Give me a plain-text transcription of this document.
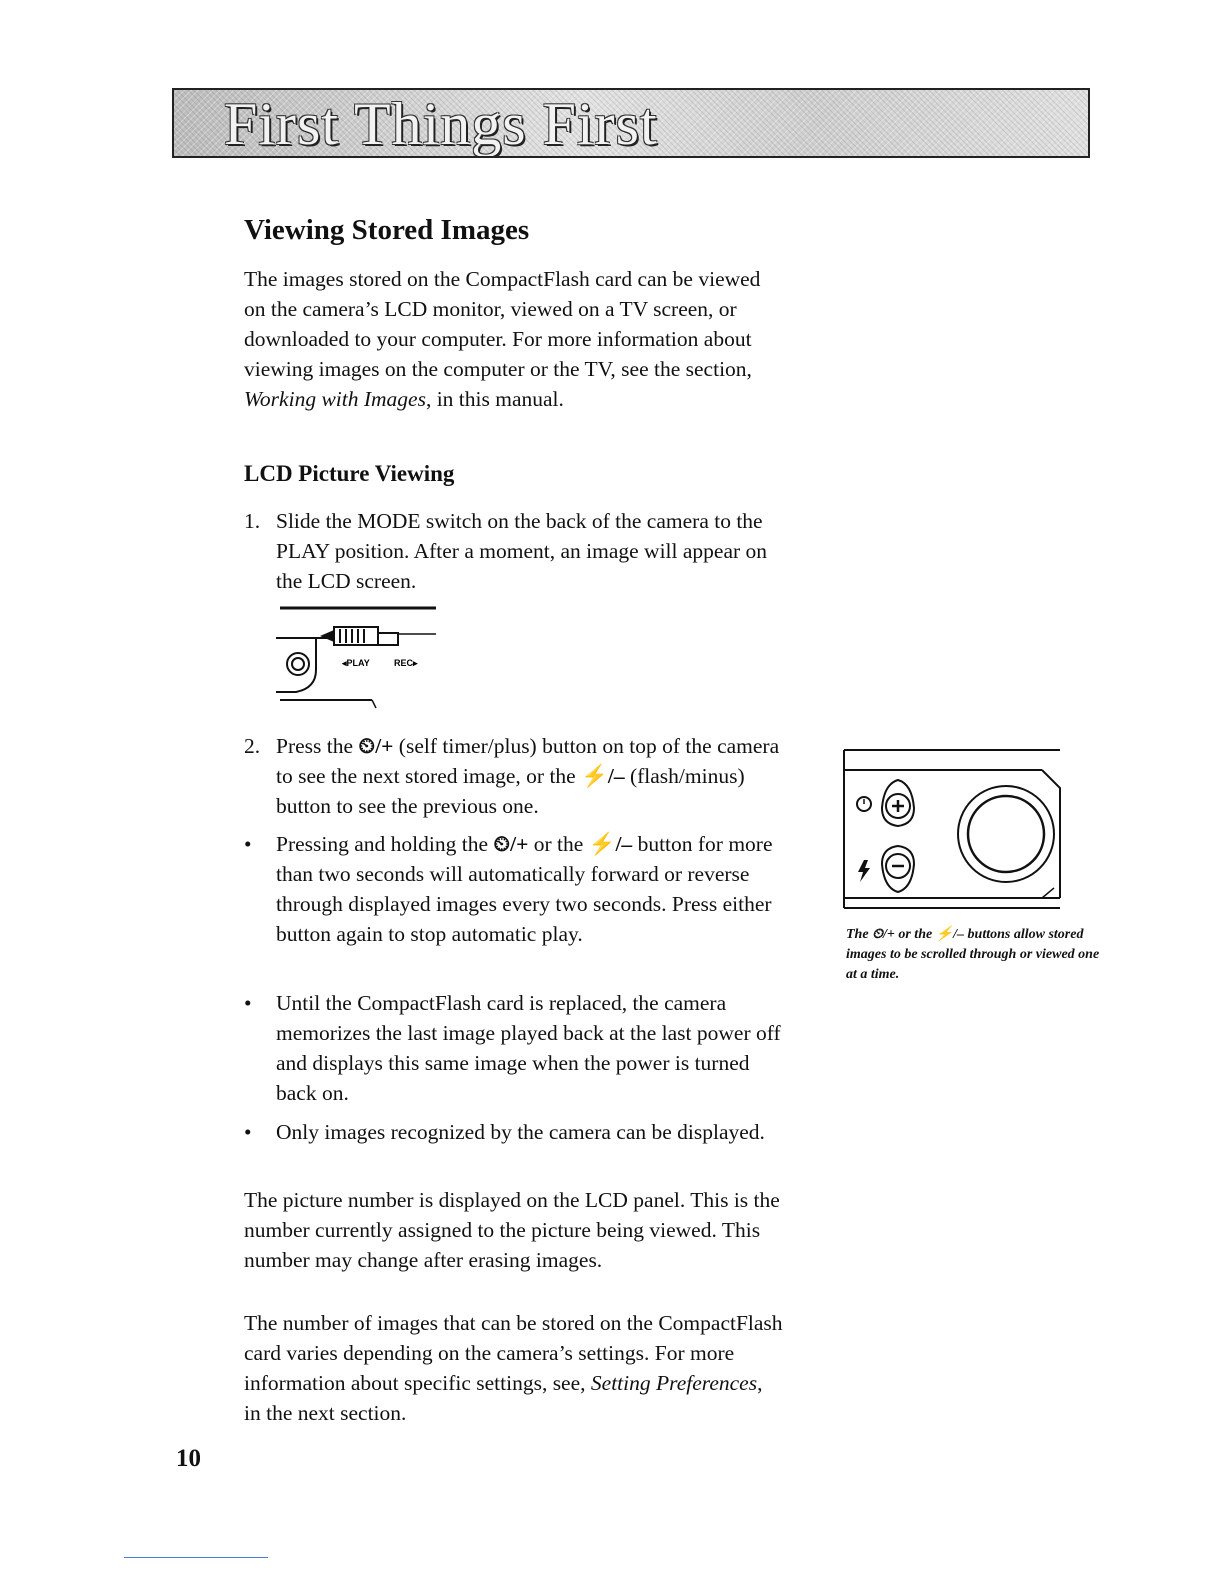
First Things First
Viewing Stored Images

The images stored on the CompactFlash card can be viewed on the camera’s LCD monitor, viewed on a TV screen, or downloaded to your computer. For more information about viewing images on the computer or the TV, see the section, Working with Images, in this manual.

LCD Picture Viewing
1. Slide the MODE switch on the back of the camera to the PLAY position. After a moment, an image will appear on the LCD screen.
◂PLAY	REC▸
2. Press the ⏲/+ (self timer/plus) button on top of the camera to see the next stored image, or the ⚡/– (flash/minus) button to see the previous one.
• Pressing and holding the ⏲/+ or the ⚡/– button for more than two seconds will automatically forward or reverse through displayed images every two seconds. Press either button again to stop automatic play.
• Until the CompactFlash card is replaced, the camera memorizes the last image played back at the last power off and displays this same image when the power is turned back on.
• Only images recognized by the camera can be displayed.

The picture number is displayed on the LCD panel. This is the number currently assigned to the picture being viewed. This number may change after erasing images.

The number of images that can be stored on the CompactFlash card varies depending on the camera’s settings. For more information about specific settings, see, Setting Preferences, in the next section.

The ⏲/+ or the ⚡/– buttons allow stored images to be scrolled through or viewed one at a time.
10
